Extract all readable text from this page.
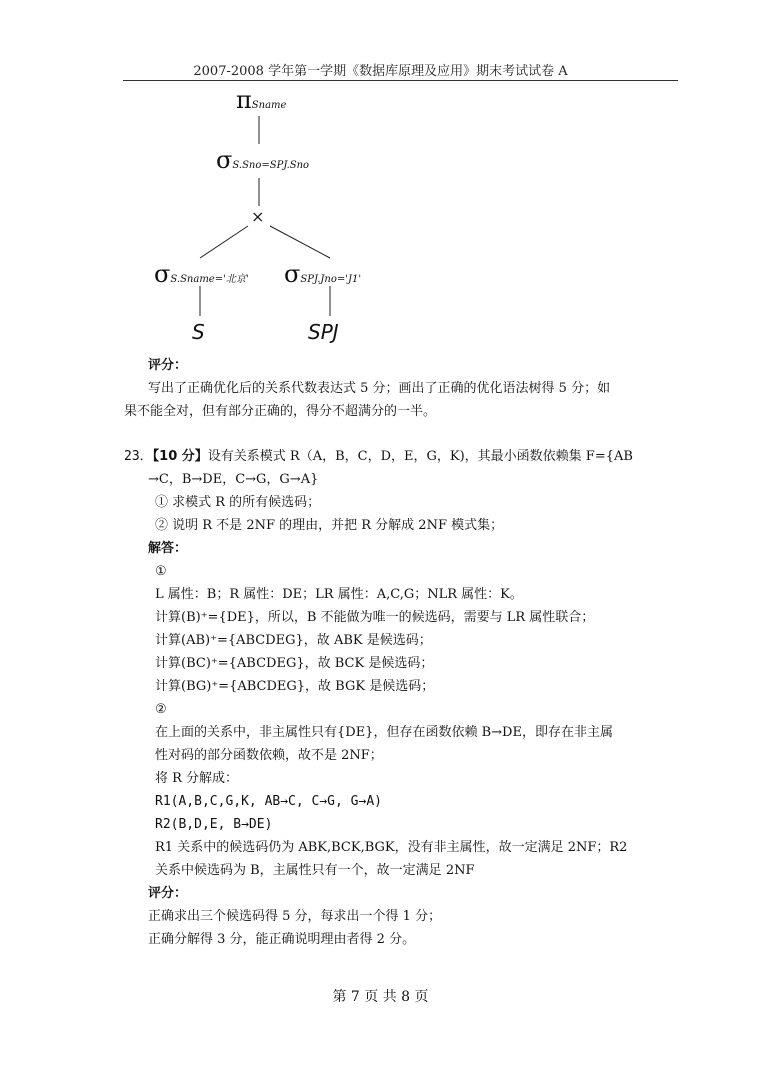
2007-2008 学年第一学期《数据库原理及应用》期末考试试卷 A
πSname
σS.Sno=SPJ.Sno
×
σS.Sname='北京' σSPJ.Jno='J1'
S	SPJ
评分：
写出了正确优化后的关系代数表达式 5 分；画出了正确的优化语法树得 5 分；如
果不能全对，但有部分正确的，得分不超满分的一半。
23．【10 分】设有关系模式 R（A，B，C，D，E，G，K)，其最小函数依赖集 F={AB
→C，B→DE，C→G，G→A}
① 求模式 R 的所有候选码；
② 说明 R 不是 2NF 的理由，并把 R 分解成 2NF 模式集；
解答：
①
L 属性：B；R 属性：DE；LR 属性：A,C,G；NLR 属性：K。
计算(B)⁺={DE}，所以，B 不能做为唯一的候选码，需要与 LR 属性联合；
计算(AB)⁺={ABCDEG}，故 ABK 是候选码；
计算(BC)⁺={ABCDEG}，故 BCK 是候选码；
计算(BG)⁺={ABCDEG}，故 BGK 是候选码；
②
在上面的关系中，非主属性只有{DE}，但存在函数依赖 B→DE，即存在非主属
性对码的部分函数依赖，故不是 2NF；
将 R 分解成：
R1(A,B,C,G,K, AB→C, C→G, G→A)
R2(B,D,E, B→DE)
R1 关系中的候选码仍为 ABK,BCK,BGK，没有非主属性，故一定满足 2NF；R2
关系中候选码为 B，主属性只有一个，故一定满足 2NF
评分：
正确求出三个候选码得 5 分，每求出一个得 1 分；
正确分解得 3 分，能正确说明理由者得 2 分。
第 7 页 共 8 页
